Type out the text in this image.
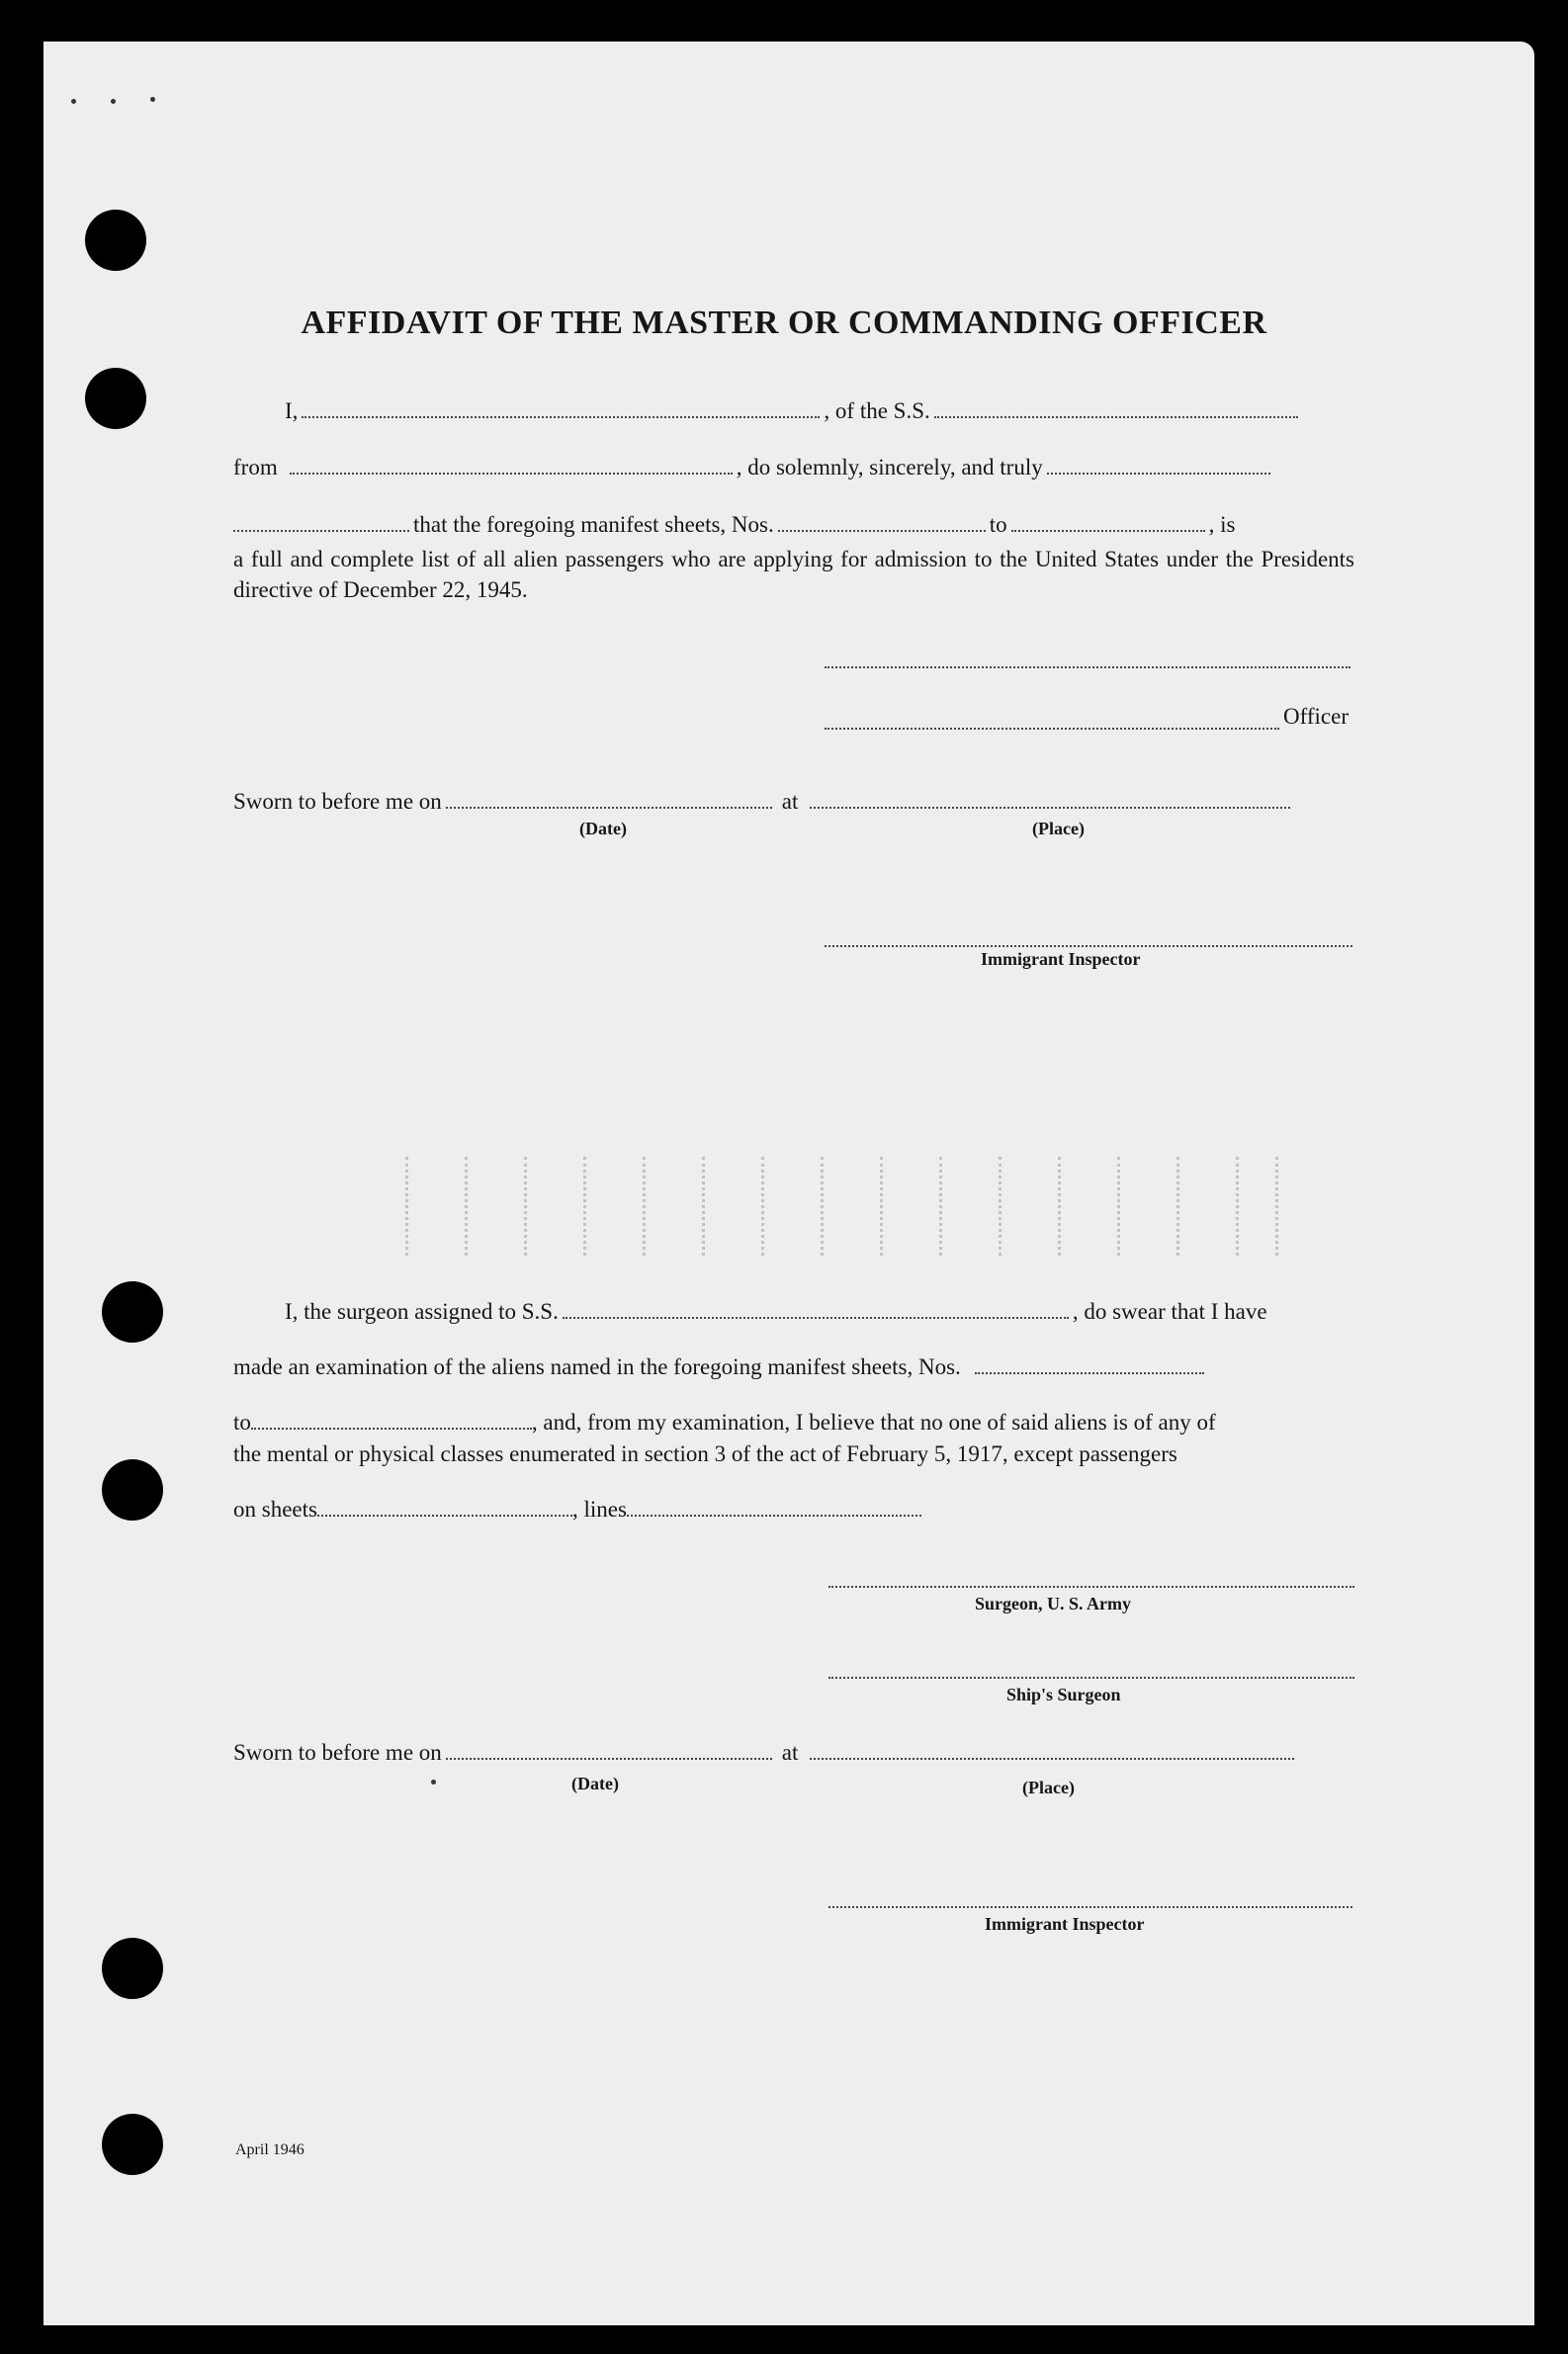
AFFIDAVIT OF THE MASTER OR COMMANDING OFFICER
I,	, of the S.S.
from	, do solemnly, sincerely, and truly
that the foregoing manifest sheets, Nos.	to	, is
a full and complete list of all alien passengers who are applying for admission to the United States under the Presidents directive of December 22, 1945.
Officer
Sworn to before me on	at
(Date)	(Place)
Immigrant Inspector
I, the surgeon assigned to S.S.	, do swear that I have
made an examination of the aliens named in the foregoing manifest sheets, Nos.
to	, and, from my examination, I believe that no one of said aliens is of any of
the mental or physical classes enumerated in section 3 of the act of February 5, 1917, except passengers
on sheets	, lines
Surgeon, U. S. Army
Ship's Surgeon
Sworn to before me on	at
(Date)	(Place)
Immigrant Inspector
April 1946
